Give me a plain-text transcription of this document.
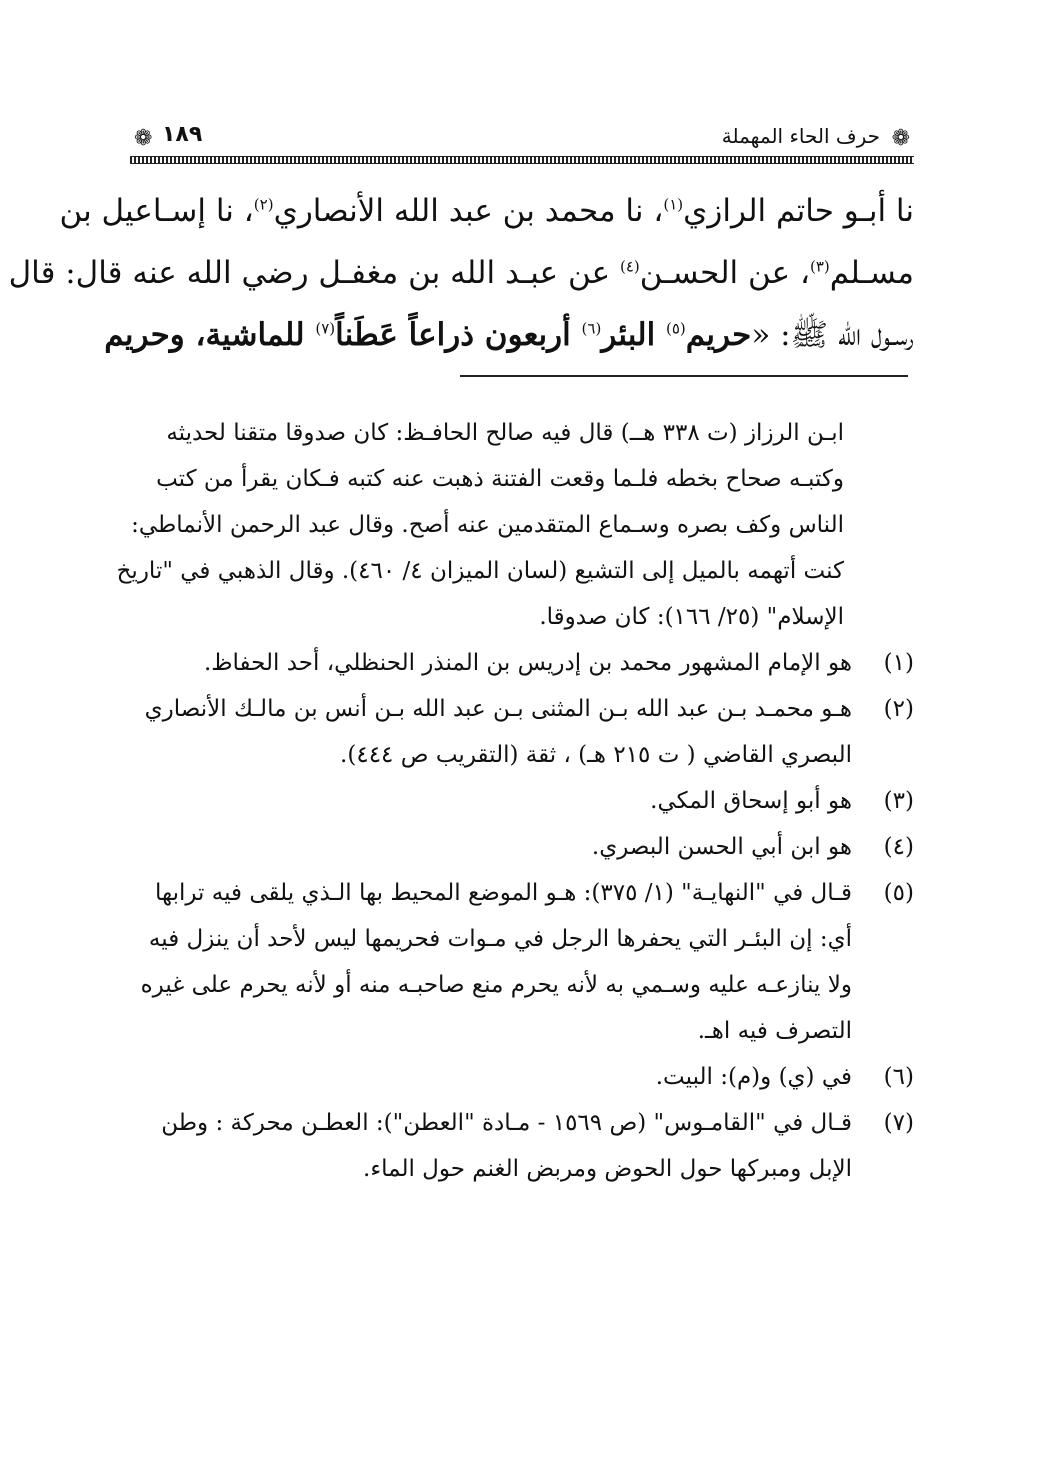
❁
حرف الحاء المهملة
١٨٩
❁
نا أبـو حاتم الرازي$^{(١)}$، نا محمد بن عبد الله الأنصاري$^{(٢)}$، نا إسـاعيل بن
مسـلم$^{(٣)}$، عن الحسـن$^{(٤)}$ عن عبـد الله بن مغفـل رضي الله عنه قال: قال
رسـول الله ﷺ: «حريم$^{(٥)}$ البئر$^{(٦)}$ أربعون ذراعاً عَطَناً$^{(٧)}$ للماشية، وحريم
ابـن الرزاز (ت ٣٣٨ هــ) قال فيه صالح الحافـظ: كان صدوقا متقنا لحديثه
وكتبـه صحاح بخطه فلـما وقعت الفتنة ذهبت عنه كتبه فـكان يقرأ من كتب
الناس وكف بصره وسـماع المتقدمين عنه أصح. وقال عبد الرحمن الأنماطي:
كنت أتهمه بالميل إلى التشيع (لسان الميزان ٤/ ٤٦٠). وقال الذهبي في "تاريخ
الإسلام" (٢٥/ ١٦٦): كان صدوقا.
(١)
هو الإمام المشهور محمد بن إدريس بن المنذر الحنظلي، أحد الحفاظ.
(٢)
هـو محمـد بـن عبد الله بـن المثنى بـن عبد الله بـن أنس بن مالـك الأنصاري
البصري القاضي ( ت ٢١٥ هـ) ، ثقة (التقريب ص ٤٤٤).
(٣)
هو أبو إسحاق المكي.
(٤)
هو ابن أبي الحسن البصري.
(٥)
قـال في "النهايـة" (١/ ٣٧٥): هـو الموضع المحيط بها الـذي يلقى فيه ترابها
أي: إن البئـر التي يحفرها الرجل في مـوات فحريمها ليس لأحد أن ينزل فيه
ولا ينازعـه عليه وسـمي به لأنه يحرم منع صاحبـه منه أو لأنه يحرم على غيره
التصرف فيه اهـ.
(٦)
في (ي) و(م): البيت.
(٧)
قـال في "القامـوس" (ص ١٥٦٩ - مـادة "العطن"): العطـن محركة : وطن
الإبل ومبركها حول الحوض ومربض الغنم حول الماء.
